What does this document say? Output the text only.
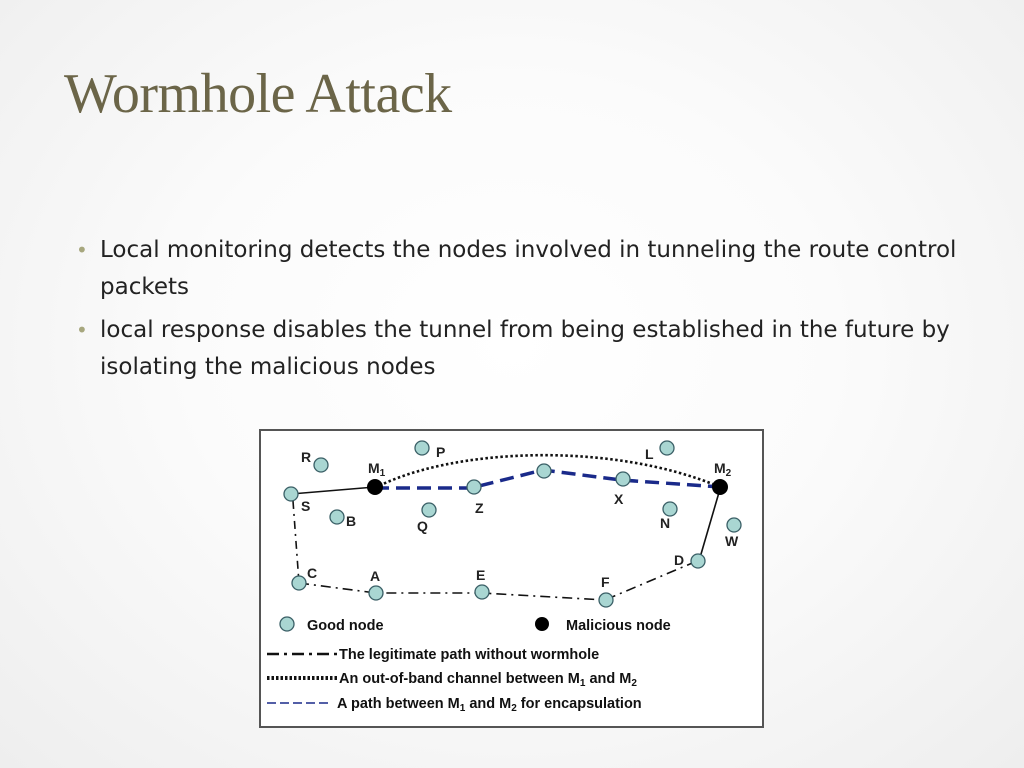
Wormhole Attack
• Local monitoring detects the nodes involved in tunneling the route control packets
• local response disables the tunnel from being established in the future by isolating the malicious nodes
R	P	L
$M_1$	$M_2$
S
B	Q
Z
X
N
W
C	A	E	F
D
Good node	Malicious node
The legitimate path without wormhole
An out-of-band channel between $M_1$ and $M_2$
A path between $M_1$ and $M_2$ for encapsulation
